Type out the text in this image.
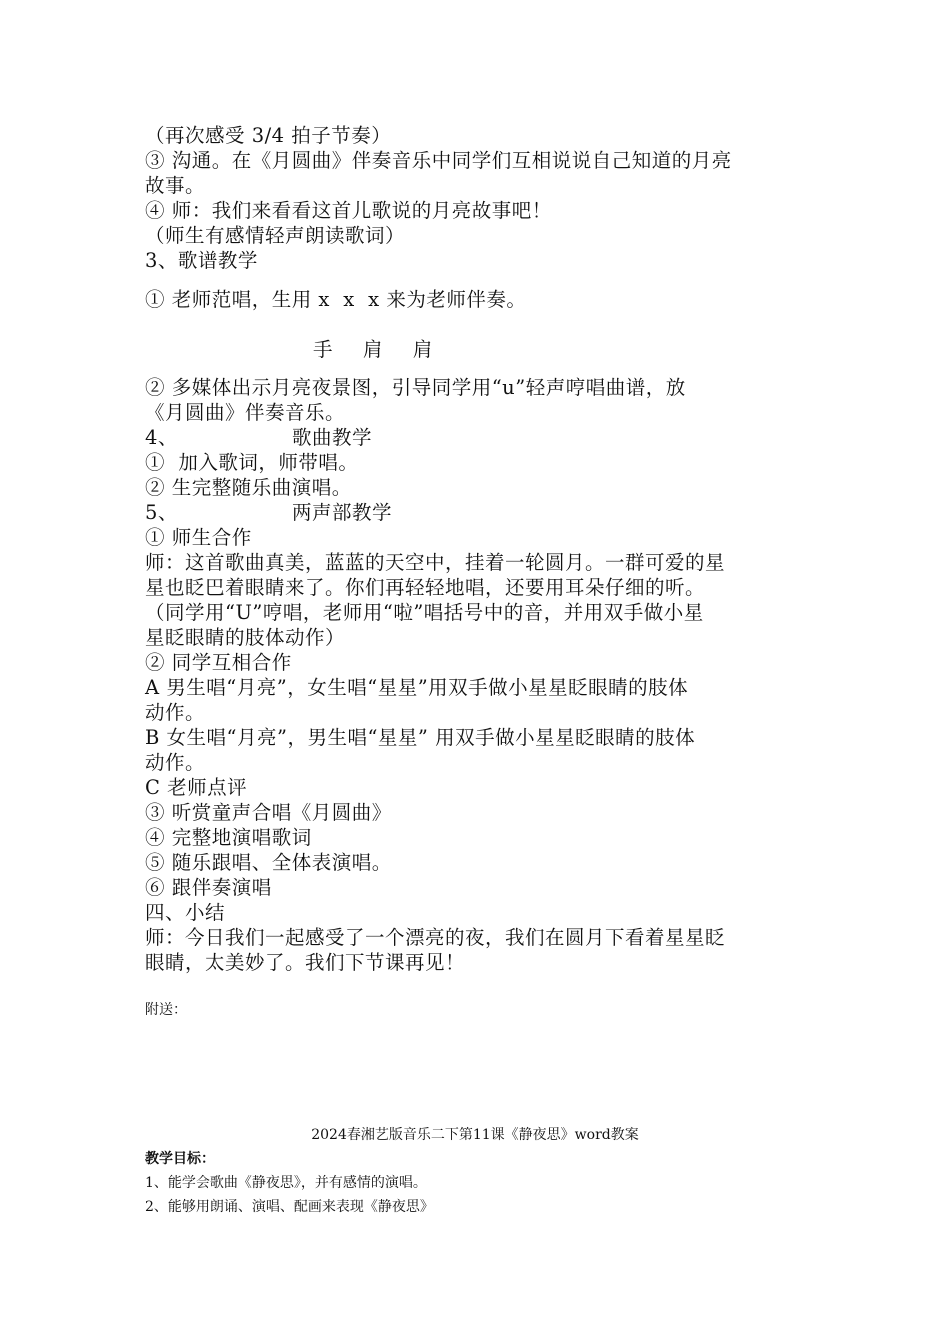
（再次感受 3/4 拍子节奏）
③ 沟通。在《月圆曲》伴奏音乐中同学们互相说说自己知道的月亮
故事。
④ 师：我们来看看这首儿歌说的月亮故事吧！
（师生有感情轻声朗读歌词）
3、歌谱教学
① 老师范唱，生用 x  x  x 来为老师伴奏。
手  肩  肩
② 多媒体出示月亮夜景图，引导同学用“u”轻声哼唱曲谱，放
《月圆曲》伴奏音乐。
4、	歌曲教学
①  加入歌词，师带唱。
② 生完整随乐曲演唱。
5、	两声部教学
① 师生合作
师：这首歌曲真美，蓝蓝的天空中，挂着一轮圆月。一群可爱的星
星也眨巴着眼睛来了。你们再轻轻地唱，还要用耳朵仔细的听。
（同学用“U”哼唱，老师用“啦”唱括号中的音，并用双手做小星
星眨眼睛的肢体动作）
② 同学互相合作
A 男生唱“月亮”，女生唱“星星”用双手做小星星眨眼睛的肢体
动作。
B 女生唱“月亮”，男生唱“星星” 用双手做小星星眨眼睛的肢体
动作。
C 老师点评
③ 听赏童声合唱《月圆曲》
④ 完整地演唱歌词
⑤ 随乐跟唱、全体表演唱。
⑥ 跟伴奏演唱
四、小结
师：今日我们一起感受了一个漂亮的夜，我们在圆月下看着星星眨
眼睛，太美妙了。我们下节课再见！
附送：
2024春湘艺版音乐二下第11课《静夜思》word教案
教学目标：
1、能学会歌曲《静夜思》，并有感情的演唱。
2、能够用朗诵、演唱、配画来表现《静夜思》
